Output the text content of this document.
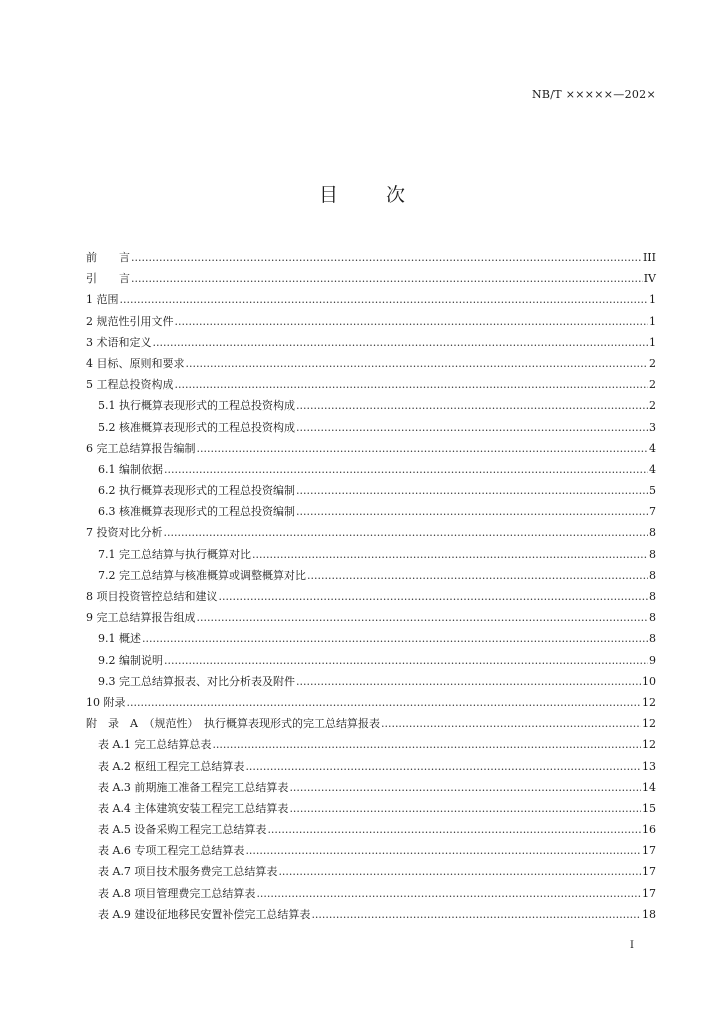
NB/T ×××××—202×
目	次
前　　言 .....	III
引　　言 .....	IV
1 范围 .....	1
2 规范性引用文件 .....	1
3 术语和定义 .....	1
4 目标、原则和要求 .....	2
5 工程总投资构成 .....	2
5.1 执行概算表现形式的工程总投资构成 .....	2
5.2 核准概算表现形式的工程总投资构成 .....	3
6 完工总结算报告编制 .....	4
6.1 编制依据 .....	4
6.2 执行概算表现形式的工程总投资编制 .....	5
6.3 核准概算表现形式的工程总投资编制 .....	7
7 投资对比分析 .....	8
7.1 完工总结算与执行概算对比 .....	8
7.2 完工总结算与核准概算或调整概算对比 .....	8
8 项目投资管控总结和建议 .....	8
9 完工总结算报告组成 .....	8
9.1 概述 .....	8
9.2 编制说明 .....	9
9.3 完工总结算报表、对比分析表及附件 .....	10
10 附录 .....	12
附　录　A　（规范性）　执行概算表现形式的完工总结算报表 .....	12
表 A.1 完工总结算总表 .....	12
表 A.2 枢纽工程完工总结算表 .....	13
表 A.3 前期施工准备工程完工总结算表 .....	14
表 A.4 主体建筑安装工程完工总结算表 .....	15
表 A.5 设备采购工程完工总结算表 .....	16
表 A.6 专项工程完工总结算表 .....	17
表 A.7 项目技术服务费完工总结算表 .....	17
表 A.8 项目管理费完工总结算表 .....	17
表 A.9 建设征地移民安置补偿完工总结算表 .....	18
I
